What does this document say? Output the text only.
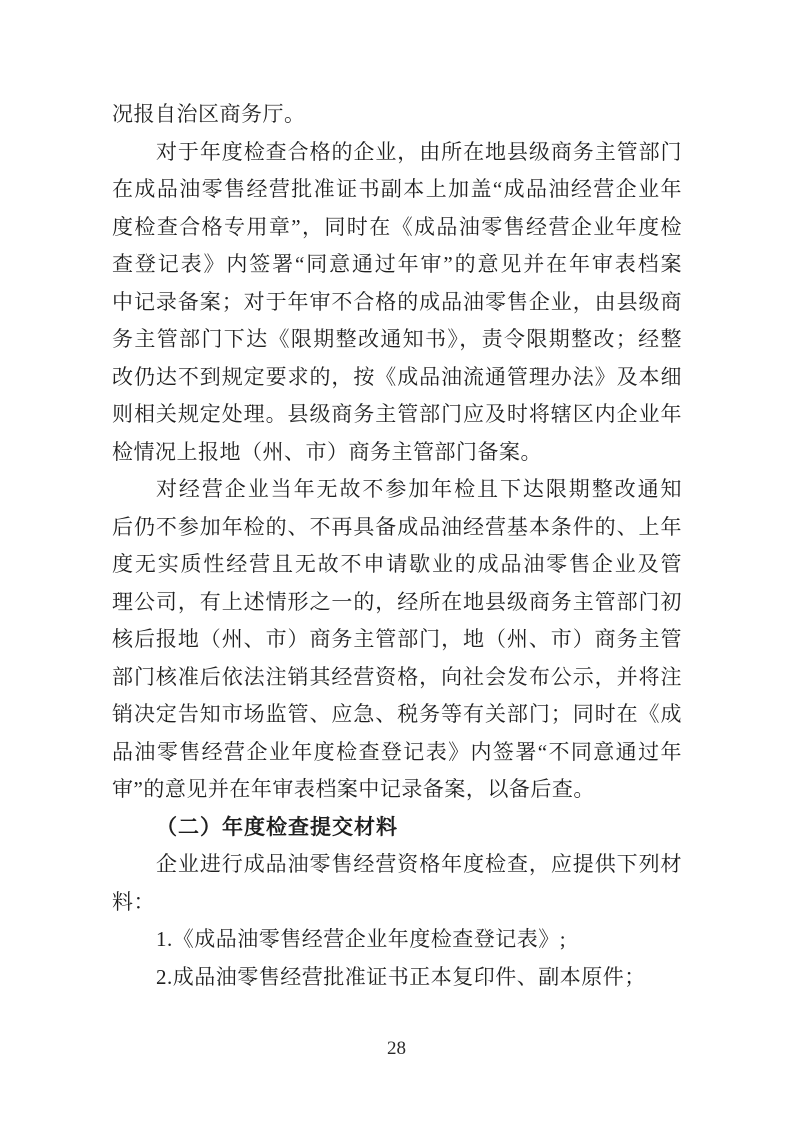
况报自治区商务厅。
对于年度检查合格的企业，由所在地县级商务主管部门
在成品油零售经营批准证书副本上加盖“成品油经营企业年
度检查合格专用章”，同时在《成品油零售经营企业年度检
查登记表》内签署“同意通过年审”的意见并在年审表档案
中记录备案；对于年审不合格的成品油零售企业，由县级商
务主管部门下达《限期整改通知书》，责令限期整改；经整
改仍达不到规定要求的，按《成品油流通管理办法》及本细
则相关规定处理。县级商务主管部门应及时将辖区内企业年
检情况上报地（州、市）商务主管部门备案。
对经营企业当年无故不参加年检且下达限期整改通知
后仍不参加年检的、不再具备成品油经营基本条件的、上年
度无实质性经营且无故不申请歇业的成品油零售企业及管
理公司，有上述情形之一的，经所在地县级商务主管部门初
核后报地（州、市）商务主管部门，地（州、市）商务主管
部门核准后依法注销其经营资格，向社会发布公示，并将注
销决定告知市场监管、应急、税务等有关部门；同时在《成
品油零售经营企业年度检查登记表》内签署“不同意通过年
审”的意见并在年审表档案中记录备案，以备后查。
（二）年度检查提交材料
企业进行成品油零售经营资格年度检查，应提供下列材
料：
1.《成品油零售经营企业年度检查登记表》;
2.成品油零售经营批准证书正本复印件、副本原件；
28
